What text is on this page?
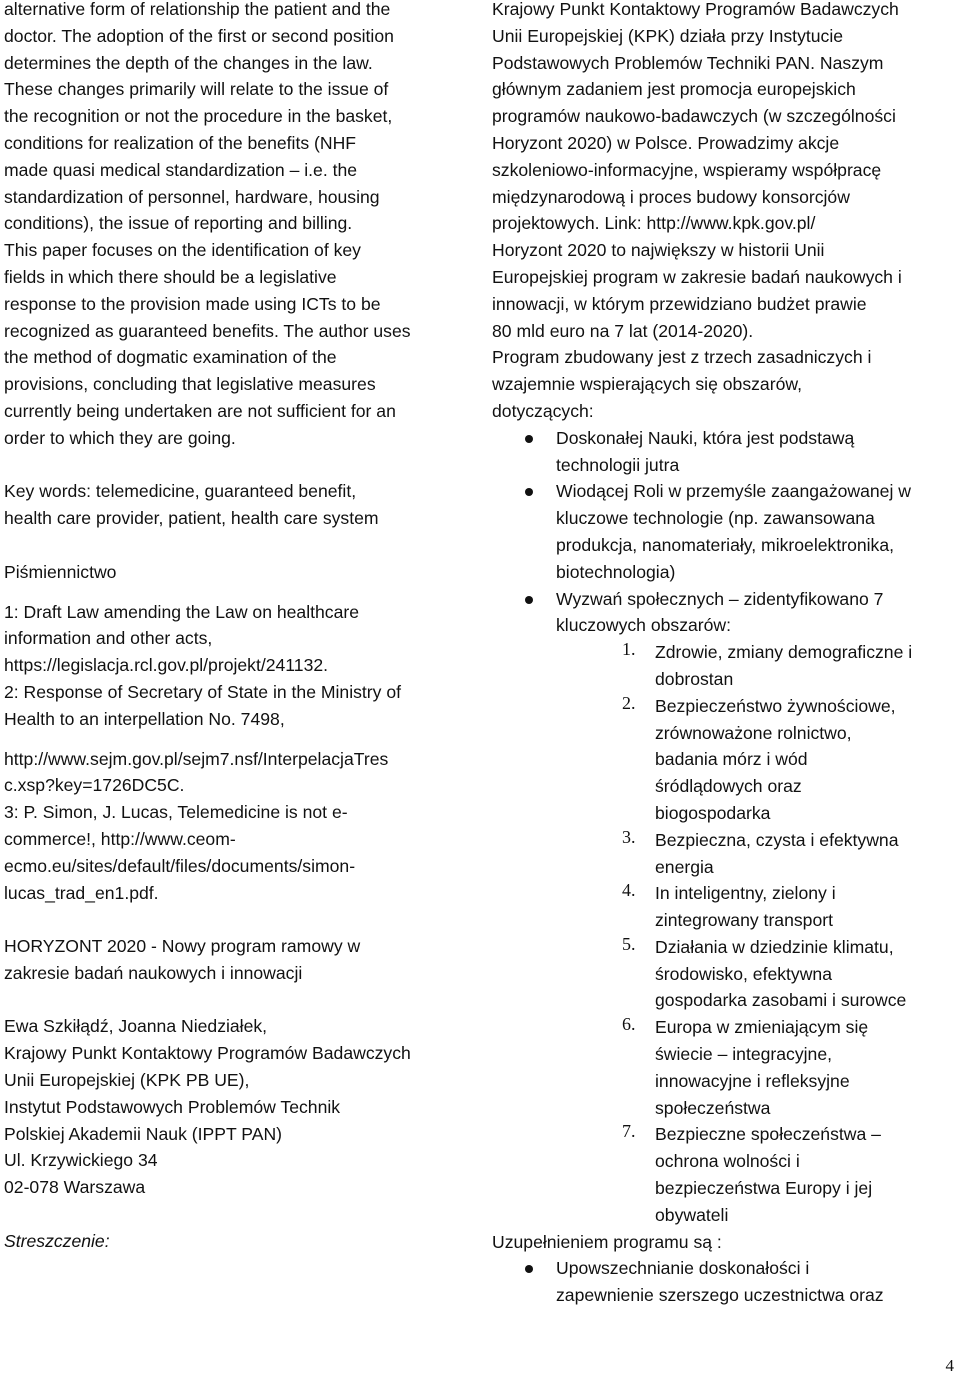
alternative form of relationship the patient and the
doctor. The adoption of the first or second position
determines the depth of the changes in the law.
These changes primarily will relate to the issue of
the recognition or not the procedure in the basket,
conditions for realization of the benefits (NHF
made quasi medical standardization – i.e. the
standardization of personnel, hardware, housing
conditions), the issue of reporting and billing.
This paper focuses on the identification of key
fields in which there should be a legislative
response to the provision made using ICTs to be
recognized as guaranteed benefits. The author uses
the method of dogmatic examination of the
provisions, concluding that legislative measures
currently being undertaken are not sufficient for an
order to which they are going.
Key words: telemedicine, guaranteed benefit,
health care provider, patient, health care system
Piśmiennictwo
1: Draft Law amending the Law on healthcare
information and other acts,
https://legislacja.rcl.gov.pl/projekt/241132.
2: Response of Secretary of State in the Ministry of
Health to an interpellation No. 7498,
http://www.sejm.gov.pl/sejm7.nsf/InterpelacjaTres
c.xsp?key=1726DC5C.
3: P. Simon, J. Lucas, Telemedicine is not e-
commerce!, http://www.ceom-
ecmo.eu/sites/default/files/documents/simon-
lucas_trad_en1.pdf.
HORYZONT 2020 - Nowy program ramowy w
zakresie badań naukowych i innowacji
Ewa Szkiłądź, Joanna Niedziałek,
Krajowy Punkt Kontaktowy Programów Badawczych
Unii Europejskiej (KPK PB UE),
Instytut Podstawowych Problemów Technik
Polskiej Akademii Nauk (IPPT PAN)
Ul. Krzywickiego 34
02-078 Warszawa
Streszczenie:
Krajowy Punkt Kontaktowy Programów Badawczych
Unii Europejskiej (KPK) działa przy Instytucie
Podstawowych Problemów Techniki PAN. Naszym
głównym zadaniem jest promocja europejskich
programów naukowo-badawczych (w szczególności
Horyzont 2020) w Polsce. Prowadzimy akcje
szkoleniowo-informacyjne, wspieramy współpracę
międzynarodową i proces budowy konsorcjów
projektowych. Link: http://www.kpk.gov.pl/
Horyzont 2020 to największy w historii Unii
Europejskiej program w zakresie badań naukowych i
innowacji, w którym przewidziano budżet prawie
80 mld euro na 7 lat (2014-2020).
Program zbudowany jest z trzech zasadniczych i
wzajemnie wspierających się obszarów,
dotyczących:
Doskonałej Nauki, która jest podstawą
technologii jutra
Wiodącej Roli w przemyśle zaangażowanej w
kluczowe technologie (np. zawansowana
produkcja, nanomateriały, mikroelektronika,
biotechnologia)
Wyzwań społecznych – zidentyfikowano 7
kluczowych obszarów:
1. Zdrowie, zmiany demograficzne i
dobrostan
2. Bezpieczeństwo żywnościowe,
zrównoważone rolnictwo,
badania mórz i wód
śródlądowych oraz
biogospodarka
3. Bezpieczna, czysta i efektywna
energia
4. In inteligentny, zielony i
zintegrowany transport
5. Działania w dziedzinie klimatu,
środowisko, efektywna
gospodarka zasobami i surowce
6. Europa w zmieniającym się
świecie – integracyjne,
innowacyjne i refleksyjne
społeczeństwa
7. Bezpieczne społeczeństwa –
ochrona wolności i
bezpieczeństwa Europy i jej
obywateli
Uzupełnieniem programu są :
Upowszechnianie doskonałości i
zapewnienie szerszego uczestnictwa oraz
4
